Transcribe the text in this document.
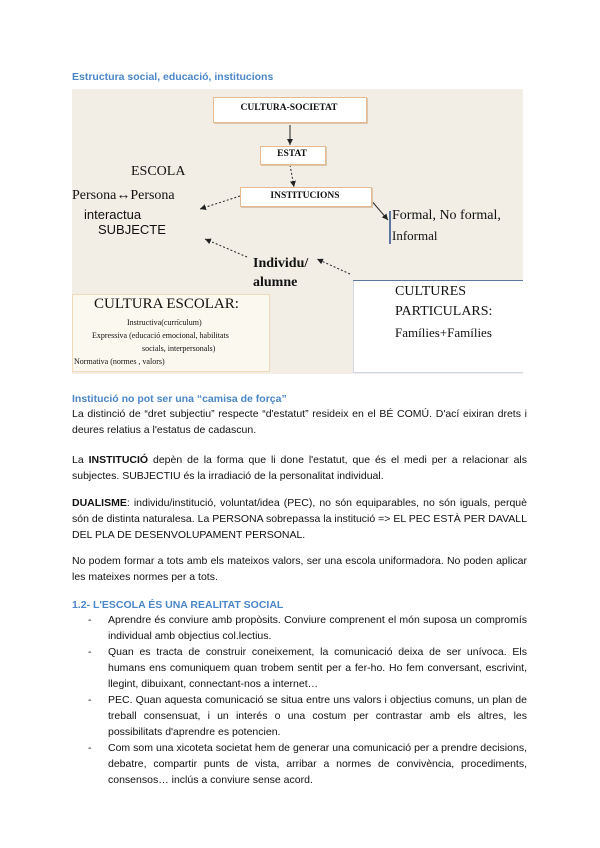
Estructura social, educació, institucions
CULTURA-SOCIETAT
ESTAT
INSTITUCIONS
ESCOLA
Persona↔Persona
interactua
SUBJECTE
Formal, No formal,
Informal
Individu/
alumne
CULTURA ESCOLAR:
Instructiva(currículum)
Expressiva (educació emocional, habilitats
socials, interpersonals)
Normativa (normes , valors)
CULTURES
PARTICULARS:
Famílies+Famílies
Institució no pot ser una “camisa de força”
La distinció de “dret subjectiu” respecte “d'estatut” resideix en el BÉ COMÚ. D'ací eixiran drets i deures relatius a l'estatus de cadascun.
La INSTITUCIÓ depèn de la forma que li done l'estatut, que és el medi per a relacionar als subjectes. SUBJECTIU és la irradiació de la personalitat individual.
DUALISME: individu/institució, voluntat/idea (PEC), no són equiparables, no són iguals, perquè són de distinta naturalesa. La PERSONA sobrepassa la institució => EL PEC ESTÀ PER DAVALL DEL PLA DE DESENVOLUPAMENT PERSONAL.
No podem formar a tots amb els mateixos valors, ser una escola uniformadora. No poden aplicar les mateixes normes per a tots.
1.2- L'ESCOLA ÉS UNA REALITAT SOCIAL
- Aprendre és conviure amb propòsits. Conviure comprenent el món suposa un compromís individual amb objectius col.lectius.
- Quan es tracta de construir coneixement, la comunicació deixa de ser unívoca. Els humans ens comuniquem quan trobem sentit per a fer-ho. Ho fem conversant, escrivint, llegint, dibuixant, connectant-nos a internet…
- PEC. Quan aquesta comunicació se situa entre uns valors i objectius comuns, un plan de treball consensuat, i un interés o una costum per contrastar amb els altres, les possibilitats d'aprendre es potencien.
- Com som una xicoteta societat hem de generar una comunicació per a prendre decisions, debatre, compartir punts de vista, arribar a normes de convivència, procediments, consensos… inclús a conviure sense acord.
